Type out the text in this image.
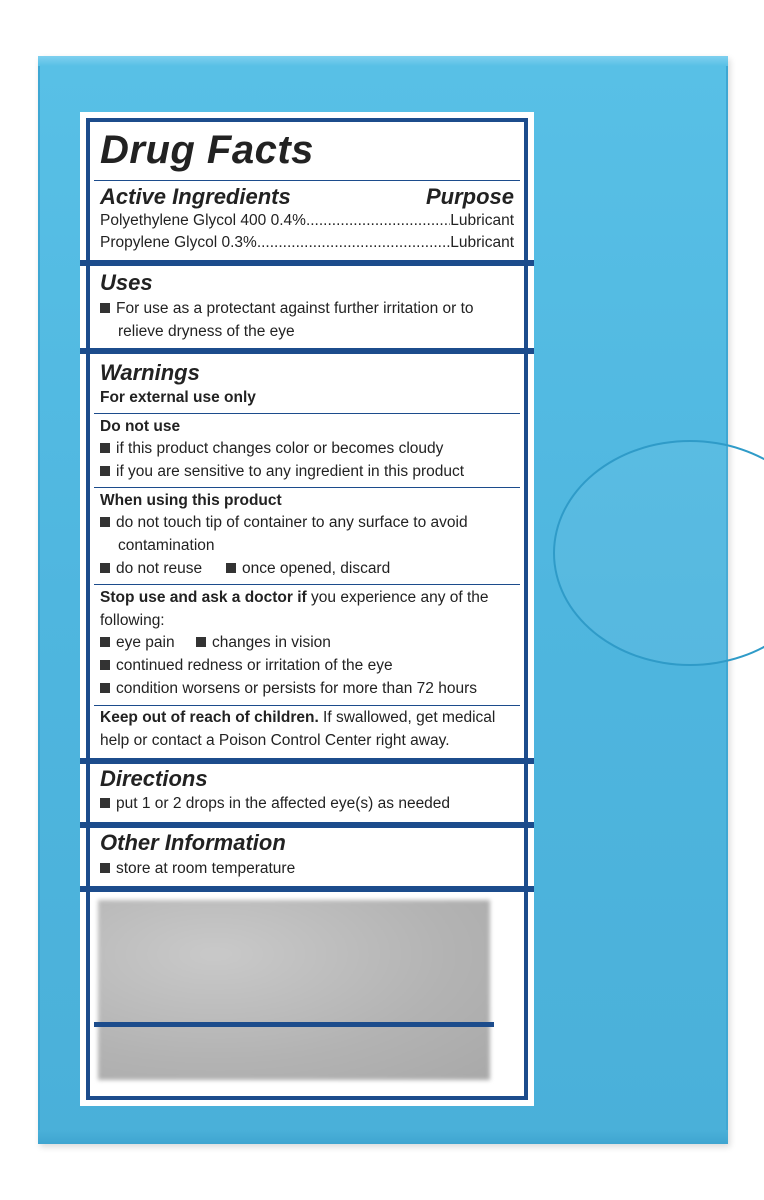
Drug Facts
Active Ingredients	Purpose
Polyethylene Glycol 400 0.4% .....	Lubricant
Propylene Glycol 0.3% .....	Lubricant
Uses
For use as a protectant against further irritation or to
relieve dryness of the eye
Warnings
For external use only
Do not use
if this product changes color or becomes cloudy
if you are sensitive to any ingredient in this product
When using this product
do not touch tip of container to any surface to avoid
contamination
do not reuse	once opened, discard
Stop use and ask a doctor if you experience any of the
following:
eye pain	changes in vision
continued redness or irritation of the eye
condition worsens or persists for more than 72 hours
Keep out of reach of children. If swallowed, get medical
help or contact a Poison Control Center right away.
Directions
put 1 or 2 drops in the affected eye(s) as needed
Other Information
store at room temperature
